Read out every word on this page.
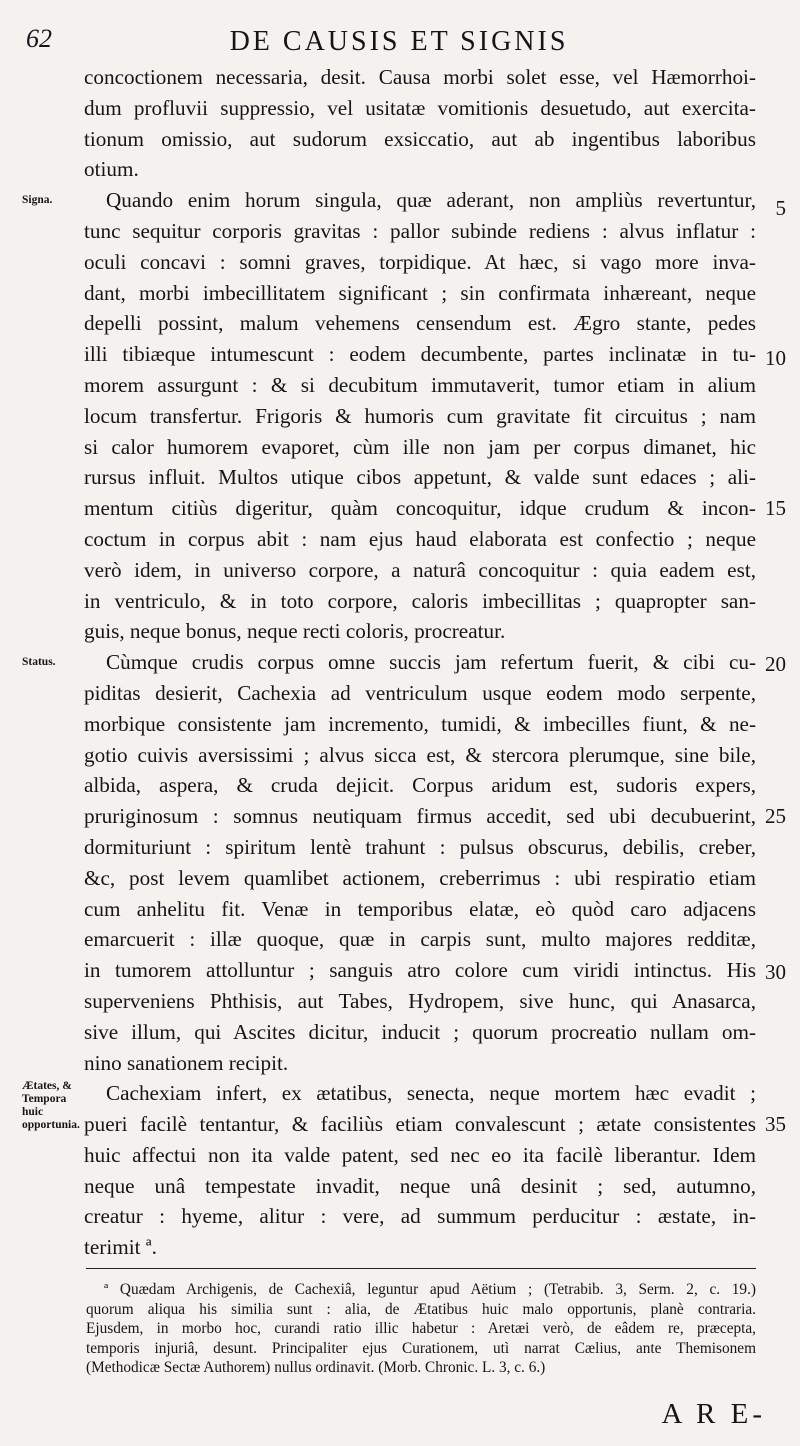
62	DE CAUSIS ET SIGNIS
Signa.
Status.
Ætates, & Tempora huic opportunia.
5
10
15
20
25
30
35
concoctionem necessaria, desit. Causa morbi solet esse, vel Hæmorrhoi-
dum profluvii suppressio, vel usitatæ vomitionis desuetudo, aut exercita-
tionum omissio, aut sudorum exsiccatio, aut ab ingentibus laboribus
otium.
Quando enim horum singula, quæ aderant, non ampliùs revertuntur,
tunc sequitur corporis gravitas : pallor subinde rediens : alvus inflatur :
oculi concavi : somni graves, torpidique. At hæc, si vago more inva-
dant, morbi imbecillitatem significant ; sin confirmata inhæreant, neque
depelli possint, malum vehemens censendum est. Ægro stante, pedes
illi tibiæque intumescunt : eodem decumbente, partes inclinatæ in tu-
morem assurgunt : & si decubitum immutaverit, tumor etiam in alium
locum transfertur. Frigoris & humoris cum gravitate fit circuitus ; nam
si calor humorem evaporet, cùm ille non jam per corpus dimanet, hic
rursus influit. Multos utique cibos appetunt, & valde sunt edaces ; ali-
mentum citiùs digeritur, quàm concoquitur, idque crudum & incon-
coctum in corpus abit : nam ejus haud elaborata est confectio ; neque
verò idem, in universo corpore, a naturâ concoquitur : quia eadem est,
in ventriculo, & in toto corpore, caloris imbecillitas ; quapropter san-
guis, neque bonus, neque recti coloris, procreatur.
Cùmque crudis corpus omne succis jam refertum fuerit, & cibi cu-
piditas desierit, Cachexia ad ventriculum usque eodem modo serpente,
morbique consistente jam incremento, tumidi, & imbecilles fiunt, & ne-
gotio cuivis aversissimi ; alvus sicca est, & stercora plerumque, sine bile,
albida, aspera, & cruda dejicit. Corpus aridum est, sudoris expers,
pruriginosum : somnus neutiquam firmus accedit, sed ubi decubuerint,
dormituriunt : spiritum lentè trahunt : pulsus obscurus, debilis, creber,
&c, post levem quamlibet actionem, creberrimus : ubi respiratio etiam
cum anhelitu fit. Venæ in temporibus elatæ, eò quòd caro adjacens
emarcuerit : illæ quoque, quæ in carpis sunt, multo majores redditæ,
in tumorem attolluntur ; sanguis atro colore cum viridi intinctus. His
superveniens Phthisis, aut Tabes, Hydropem, sive hunc, qui Anasarca,
sive illum, qui Ascites dicitur, inducit ; quorum procreatio nullam om-
nino sanationem recipit.
Cachexiam infert, ex ætatibus, senecta, neque mortem hæc evadit ;
pueri facilè tentantur, & faciliùs etiam convalescunt ; ætate consistentes
huic affectui non ita valde patent, sed nec eo ita facilè liberantur. Idem
neque unâ tempestate invadit, neque unâ desinit ; sed, autumno,
creatur : hyeme, alitur : vere, ad summum perducitur : æstate, in-
terimit ª.
ª Quædam Archigenis, de Cachexiâ, leguntur apud Aëtium ; (Tetrabib. 3, Serm. 2, c. 19.)
quorum aliqua his similia sunt : alia, de Ætatibus huic malo opportunis, planè contraria.
Ejusdem, in morbo hoc, curandi ratio illic habetur : Aretæi verò, de eâdem re, præcepta,
temporis injuriâ, desunt. Principaliter ejus Curationem, utì narrat Cælius, ante Themisonem
(Methodicæ Sectæ Authorem) nullus ordinavit. (Morb. Chronic. L. 3, c. 6.)
A R E-
